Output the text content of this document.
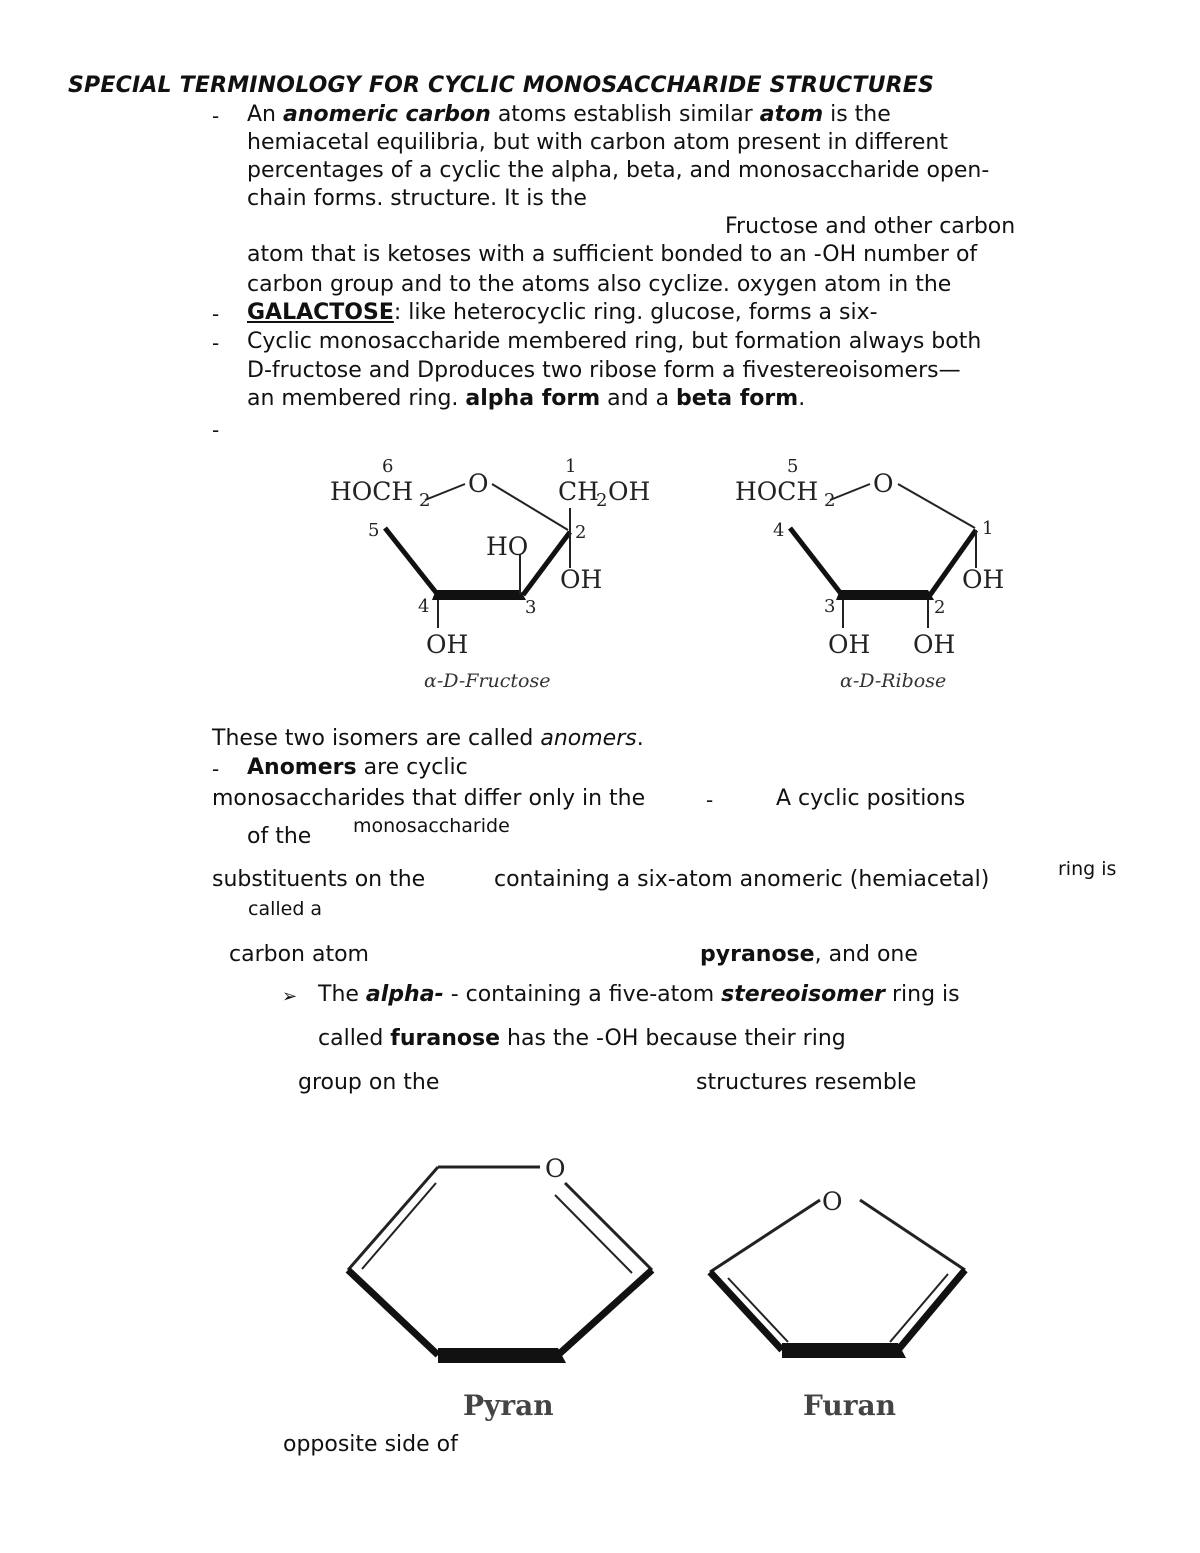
SPECIAL TERMINOLOGY FOR CYCLIC MONOSACCHARIDE STRUCTURES
- An anomeric carbon atoms establish similar atom is the
hemiacetal equilibria, but with carbon atom present in different
percentages of a cyclic the alpha, beta, and monosaccharide open-
chain forms. structure. It is the
Fructose and other carbon
atom that is ketoses with a sufficient bonded to an -OH number of
carbon group and to the atoms also cyclize. oxygen atom in the
- GALACTOSE: like heterocyclic ring. glucose, forms a six-
- Cyclic monosaccharide membered ring, but formation always both
D-fructose and Dproduces two ribose form a fivestereoisomers—
an membered ring. alpha form and a beta form.
-
6
HOCH 2
O
1
CH
2 OH
5	2
HO
OH
4	3
OH
α-D-Fructose
5
HOCH 2
O
4	1
OH
3	2
OH OH
α-D-Ribose
These two isomers are called anomers.
- Anomers are cyclic
monosaccharides that differ only in the	-	A cyclic positions
monosaccharide
of the
substituents on the	containing a six-atom anomeric (hemiacetal)	ring is
called a
carbon atom	pyranose, and one
➢ The alpha- - containing a five-atom stereoisomer ring is
called furanose has the -OH because their ring
group on the	structures resemble
O
Pyran
O
Furan
opposite side of
